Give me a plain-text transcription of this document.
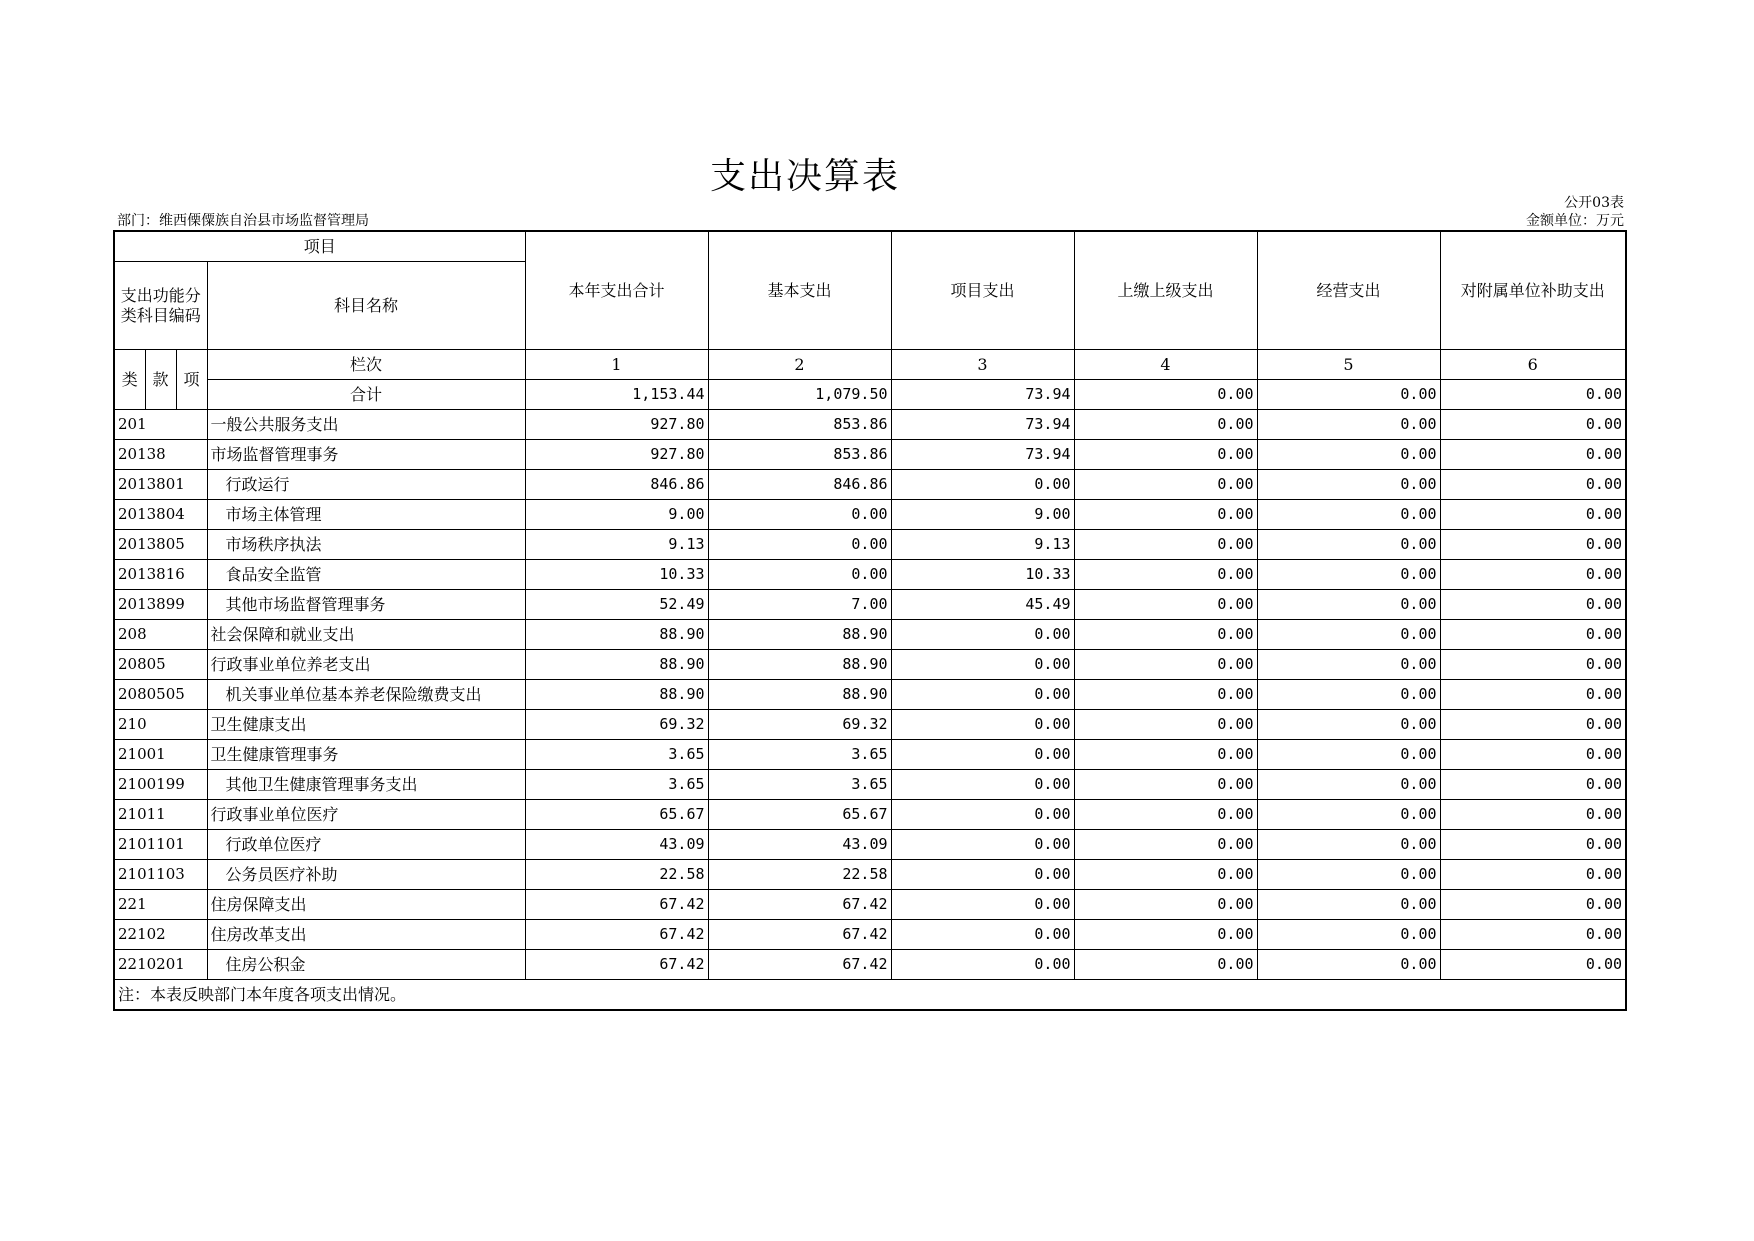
支出决算表
公开03表
部门：维西傈僳族自治县市场监督管理局	金额单位：万元
项目				本年支出合计	基本支出	项目支出	上缴上级支出	经营支出	对附属单位补助支出
支出功能分类科目编码			科目名称						
类	款	项	栏次	1	2	3	4	5	6
			合计	1,153.44	1,079.50	73.94	0.00	0.00	0.00
201			一般公共服务支出	927.80	853.86	73.94	0.00	0.00	0.00
20138			市场监督管理事务	927.80	853.86	73.94	0.00	0.00	0.00
2013801			行政运行	846.86	846.86	0.00	0.00	0.00	0.00
2013804			市场主体管理	9.00	0.00	9.00	0.00	0.00	0.00
2013805			市场秩序执法	9.13	0.00	9.13	0.00	0.00	0.00
2013816			食品安全监管	10.33	0.00	10.33	0.00	0.00	0.00
2013899			其他市场监督管理事务	52.49	7.00	45.49	0.00	0.00	0.00
208			社会保障和就业支出	88.90	88.90	0.00	0.00	0.00	0.00
20805			行政事业单位养老支出	88.90	88.90	0.00	0.00	0.00	0.00
2080505			机关事业单位基本养老保险缴费支出	88.90	88.90	0.00	0.00	0.00	0.00
210			卫生健康支出	69.32	69.32	0.00	0.00	0.00	0.00
21001			卫生健康管理事务	3.65	3.65	0.00	0.00	0.00	0.00
2100199			其他卫生健康管理事务支出	3.65	3.65	0.00	0.00	0.00	0.00
21011			行政事业单位医疗	65.67	65.67	0.00	0.00	0.00	0.00
2101101			行政单位医疗	43.09	43.09	0.00	0.00	0.00	0.00
2101103			公务员医疗补助	22.58	22.58	0.00	0.00	0.00	0.00
221			住房保障支出	67.42	67.42	0.00	0.00	0.00	0.00
22102			住房改革支出	67.42	67.42	0.00	0.00	0.00	0.00
2210201			住房公积金	67.42	67.42	0.00	0.00	0.00	0.00
注：本表反映部门本年度各项支出情况。									
